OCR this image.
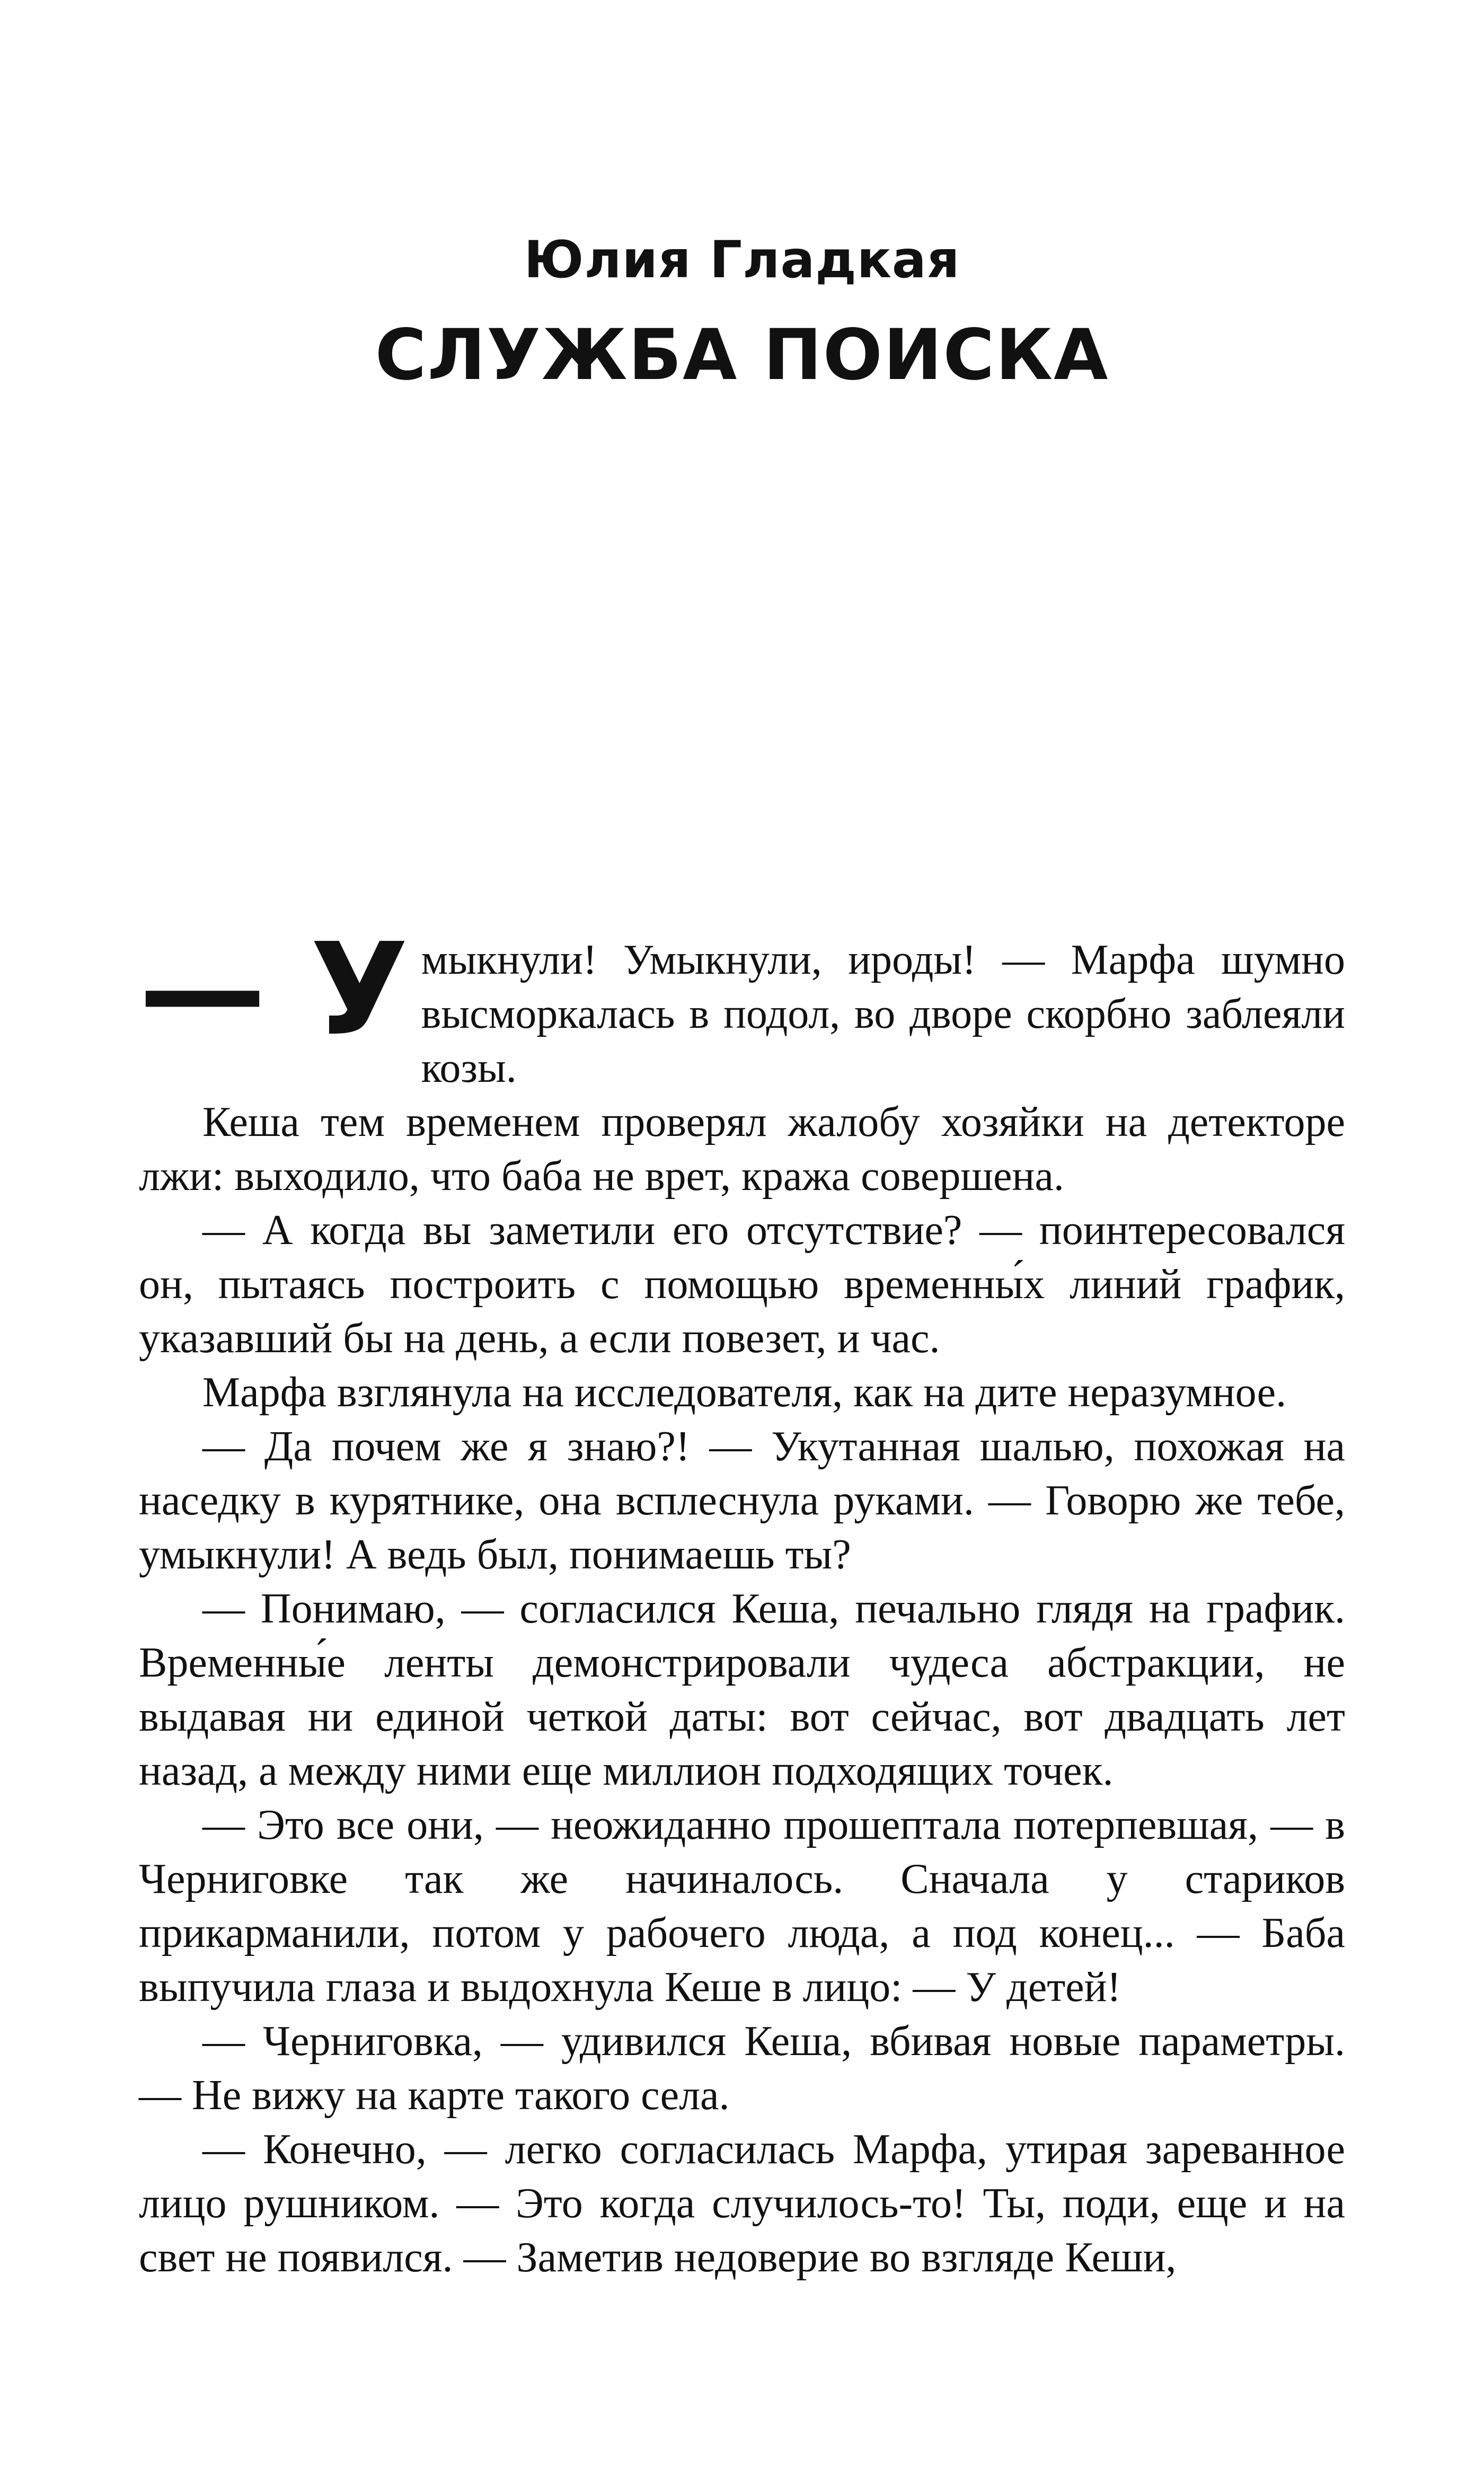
Юлия Гладкая
СЛУЖБА ПОИСКА

— У мыкнули! Умыкнули, ироды! — Марфа шумно высморкалась в подол, во дворе скорбно заблеяли козы.

Кеша тем временем проверял жалобу хозяйки на детекторе лжи: выходило, что баба не врет, кража совершена.

— А когда вы заметили его отсутствие? — поинтересовался он, пытаясь построить с помощью временны́х линий график, указавший бы на день, а если повезет, и час.

Марфа взглянула на исследователя, как на дите неразумное.

— Да почем же я знаю?! — Укутанная шалью, похожая на наседку в курятнике, она всплеснула руками. — Говорю же тебе, умыкнули! А ведь был, понимаешь ты?

— Понимаю, — согласился Кеша, печально глядя на график. Временны́е ленты демонстрировали чудеса абстракции, не выдавая ни единой четкой даты: вот сейчас, вот двадцать лет назад, а между ними еще миллион подходящих точек.

— Это все они, — неожиданно прошептала потерпевшая, — в Черниговке так же начиналось. Сначала у стариков прикарманили, потом у рабочего люда, а под конец... — Баба выпучила глаза и выдохнула Кеше в лицо: — У детей!

— Черниговка, — удивился Кеша, вбивая новые параметры. — Не вижу на карте такого села.

— Конечно, — легко согласилась Марфа, утирая зареванное лицо рушником. — Это когда случилось-то! Ты, поди, еще и на свет не появился. — Заметив недоверие во взгляде Кеши,
